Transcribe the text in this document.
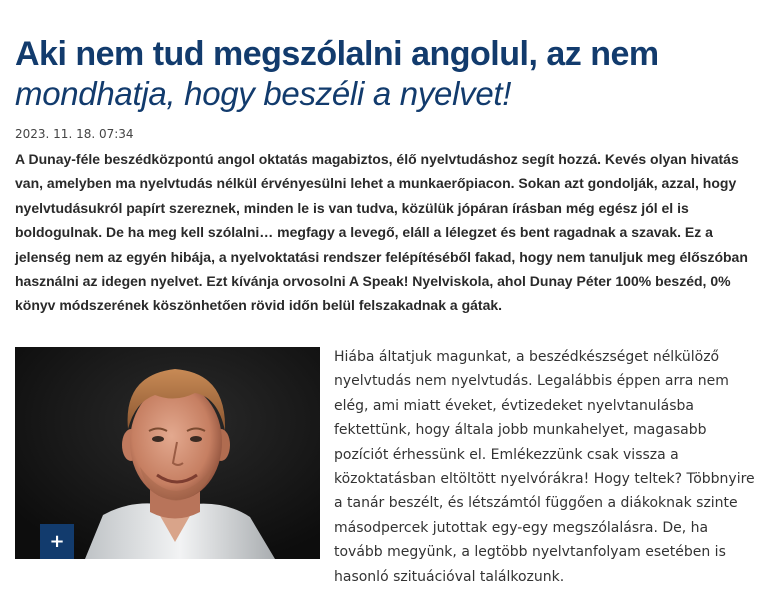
Aki nem tud megszólalni angolul, az nem
mondhatja, hogy beszéli a nyelvet!
2023. 11. 18. 07:34

A Dunay-féle beszédközpontú angol oktatás magabiztos, élő nyelvtudáshoz segít hozzá. Kevés olyan hivatás van, amelyben ma nyelvtudás nélkül érvényesülni lehet a munkaerőpiacon. Sokan azt gondolják, azzal, hogy nyelvtudásukról papírt szereznek, minden le is van tudva, közülük jópáran írásban még egész jól el is boldogulnak. De ha meg kell szólalni… megfagy a levegő, eláll a lélegzet és bent ragadnak a szavak. Ez a jelenség nem az egyén hibája, a nyelvoktatási rendszer felépítéséből fakad, hogy nem tanuljuk meg élőszóban használni az idegen nyelvet. Ezt kívánja orvosolni A Speak! Nyelviskola, ahol Dunay Péter 100% beszéd, 0% könyv módszerének köszönhetően rövid időn belül felszakadnak a gátak.

+

Hiába áltatjuk magunkat, a beszédkészséget nélkülöző nyelvtudás nem nyelvtudás. Legalábbis éppen arra nem elég, ami miatt éveket, évtizedeket nyelvtanulásba fektettünk, hogy általa jobb munkahelyet, magasabb pozíciót érhessünk el. Emlékezzünk csak vissza a közoktatásban eltöltött nyelvórákra! Hogy teltek? Többnyire a tanár beszélt, és létszámtól függően a diákoknak szinte másodpercek jutottak egy-egy megszólalásra. De, ha tovább megyünk, a legtöbb nyelvtanfolyam esetében is hasonló szituációval találkozunk.
